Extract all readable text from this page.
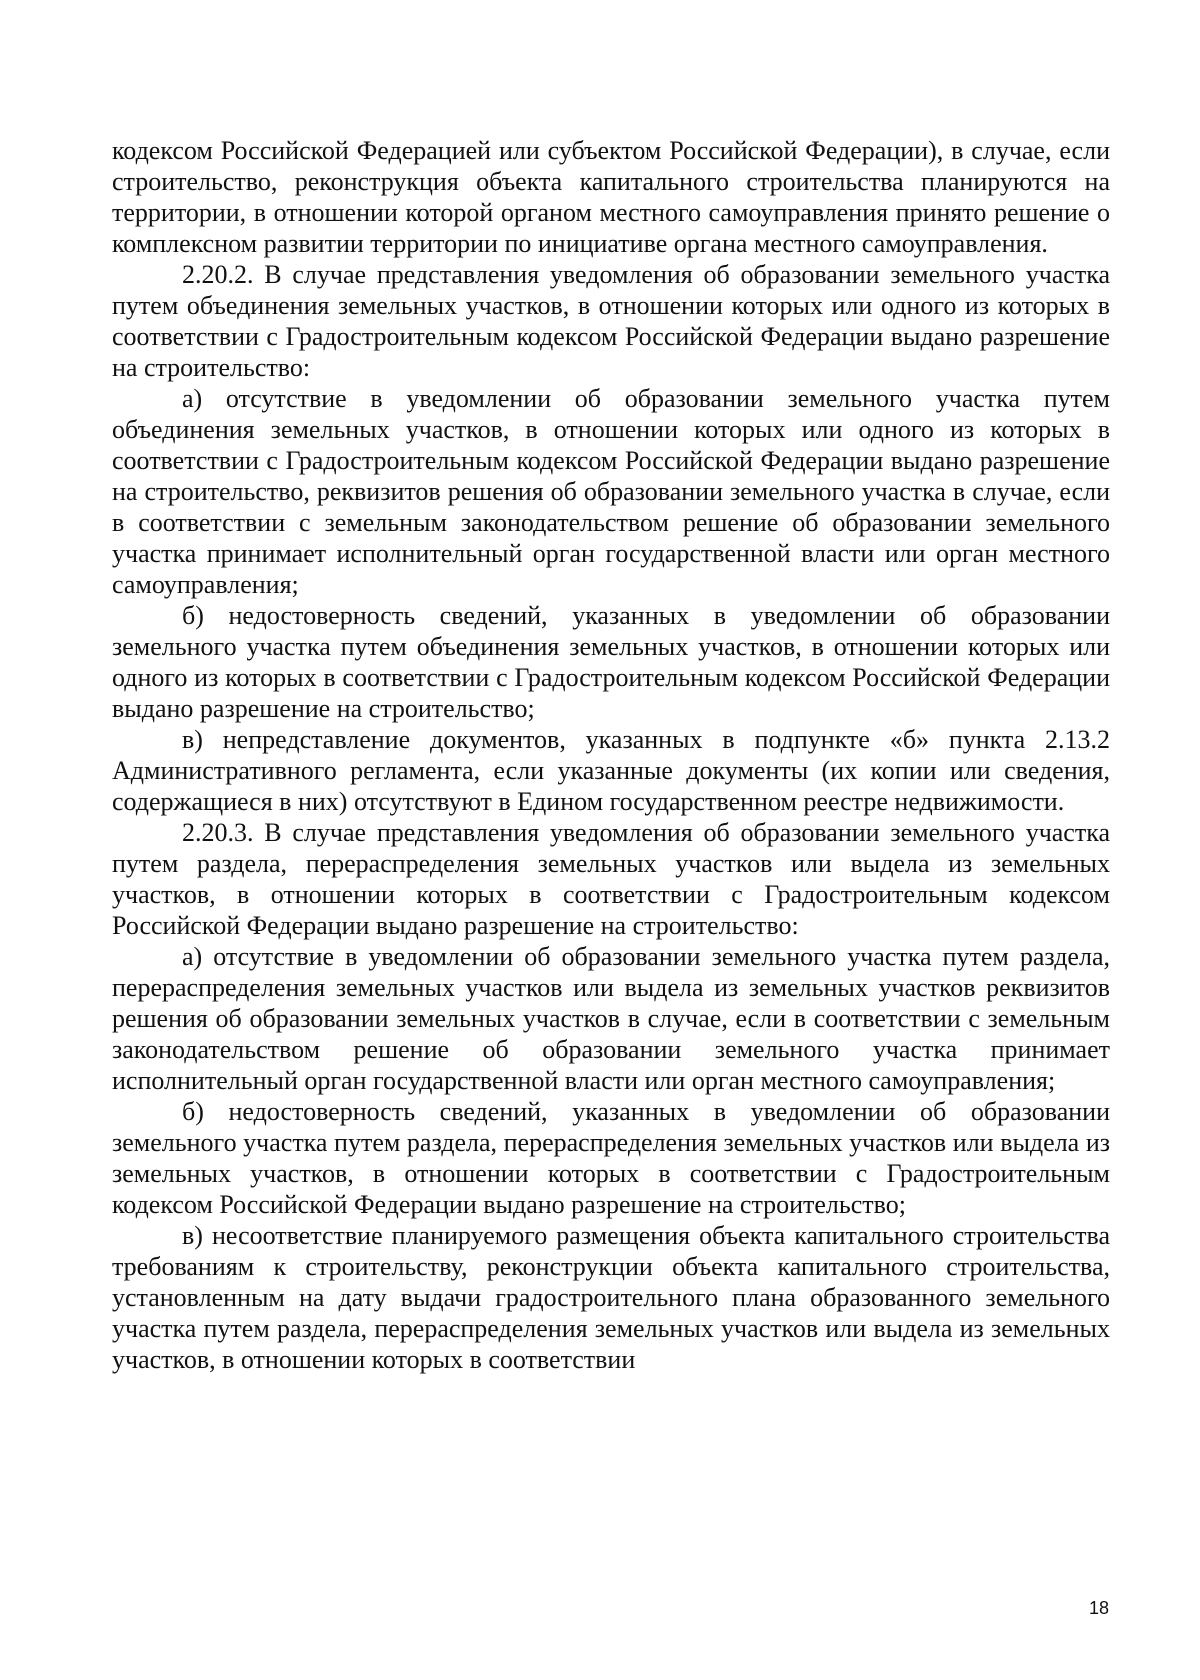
кодексом Российской Федерацией или субъектом Российской Федерации), в случае, если строительство, реконструкция объекта капитального строительства планируются на территории, в отношении которой органом местного самоуправления принято решение о комплексном развитии территории по инициативе органа местного самоуправления.

2.20.2. В случае представления уведомления об образовании земельного участка путем объединения земельных участков, в отношении которых или одного из которых в соответствии с Градостроительным кодексом Российской Федерации выдано разрешение на строительство:

а) отсутствие в уведомлении об образовании земельного участка путем объединения земельных участков, в отношении которых или одного из которых в соответствии с Градостроительным кодексом Российской Федерации выдано разрешение на строительство, реквизитов решения об образовании земельного участка в случае, если в соответствии с земельным законодательством решение об образовании земельного участка принимает исполнительный орган государственной власти или орган местного самоуправления;

б) недостоверность сведений, указанных в уведомлении об образовании земельного участка путем объединения земельных участков, в отношении которых или одного из которых в соответствии с Градостроительным кодексом Российской Федерации выдано разрешение на строительство;

в) непредставление документов, указанных в подпункте «б» пункта 2.13.2 Административного регламента, если указанные документы (их копии или сведения, содержащиеся в них) отсутствуют в Едином государственном реестре недвижимости.

2.20.3. В случае представления уведомления об образовании земельного участка путем раздела, перераспределения земельных участков или выдела из земельных участков, в отношении которых в соответствии с Градостроительным кодексом Российской Федерации выдано разрешение на строительство:

а) отсутствие в уведомлении об образовании земельного участка путем раздела, перераспределения земельных участков или выдела из земельных участков реквизитов решения об образовании земельных участков в случае, если в соответствии с земельным законодательством решение об образовании земельного участка принимает исполнительный орган государственной власти или орган местного самоуправления;

б) недостоверность сведений, указанных в уведомлении об образовании земельного участка путем раздела, перераспределения земельных участков или выдела из земельных участков, в отношении которых в соответствии с Градостроительным кодексом Российской Федерации выдано разрешение на строительство;

в) несоответствие планируемого размещения объекта капитального строительства требованиям к строительству, реконструкции объекта капитального строительства, установленным на дату выдачи градостроительного плана образованного земельного участка путем раздела, перераспределения земельных участков или выдела из земельных участков, в отношении которых в соответствии

18
